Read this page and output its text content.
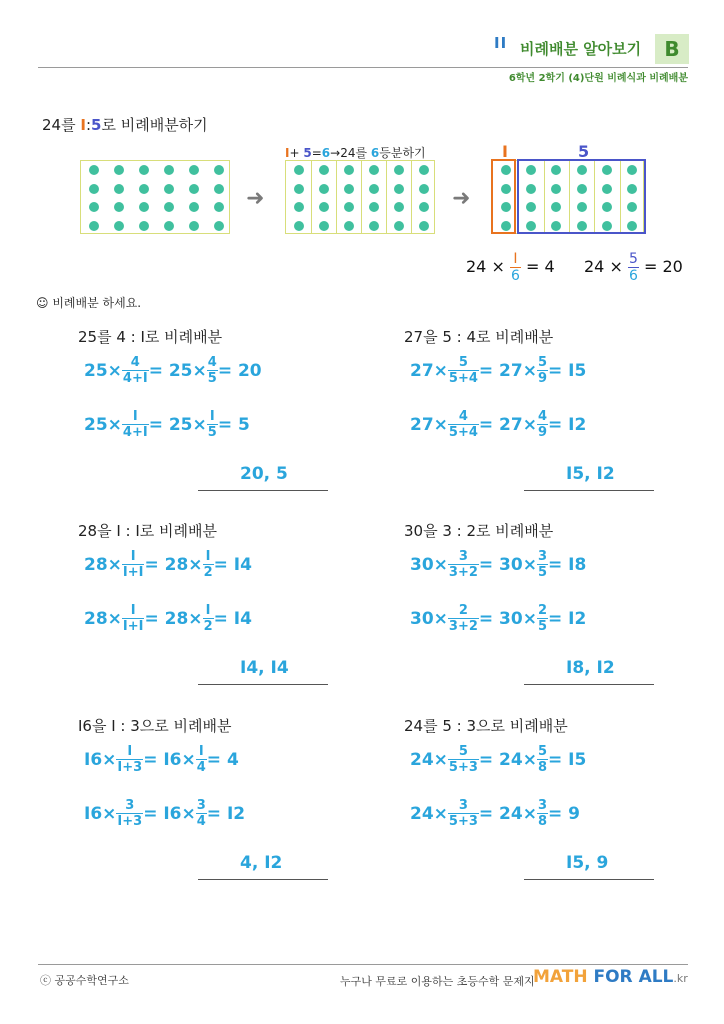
II 비례배분 알아보기	B
6학년 2학기 (4)단원 비례식과 비례배분
24를 I:5로 비례배분하기
➜
I+ 5=6→24를 6등분하기
➜
I	5
$24 \times \frac{I}{6} = 4$ $24 \times \frac{5}{6} = 20$
☺ 비례배분 하세요.
25를 4 : I로 비례배분
$25\times \frac{4}{4+I} = 25\times \frac{4}{5} = 20$
$25\times \frac{I}{4+I} = 25\times \frac{I}{5} = 5$
20, 5
27을 5 : 4로 비례배분
$27\times \frac{5}{5+4} = 27\times \frac{5}{9} = I5$
$27\times \frac{4}{5+4} = 27\times \frac{4}{9} = I2$
I5, I2
28을 I : I로 비례배분
$28\times \frac{I}{I+I} = 28\times \frac{I}{2} = I4$
$28\times \frac{I}{I+I} = 28\times \frac{I}{2} = I4$
I4, I4
30을 3 : 2로 비례배분
$30\times \frac{3}{3+2} = 30\times \frac{3}{5} = I8$
$30\times \frac{2}{3+2} = 30\times \frac{2}{5} = I2$
I8, I2
I6을 I : 3으로 비례배분
$I6\times \frac{I}{I+3} = I6\times \frac{I}{4} = 4$
$I6\times \frac{3}{I+3} = I6\times \frac{3}{4} = I2$
4, I2
24를 5 : 3으로 비례배분
$24\times \frac{5}{5+3} = 24\times \frac{5}{8} = I5$
$24\times \frac{3}{5+3} = 24\times \frac{3}{8} = 9$
I5, 9
ⓒ 공공수학연구소	누구나 무료로 이용하는 초등수학 문제지
MATH FOR ALL.kr
